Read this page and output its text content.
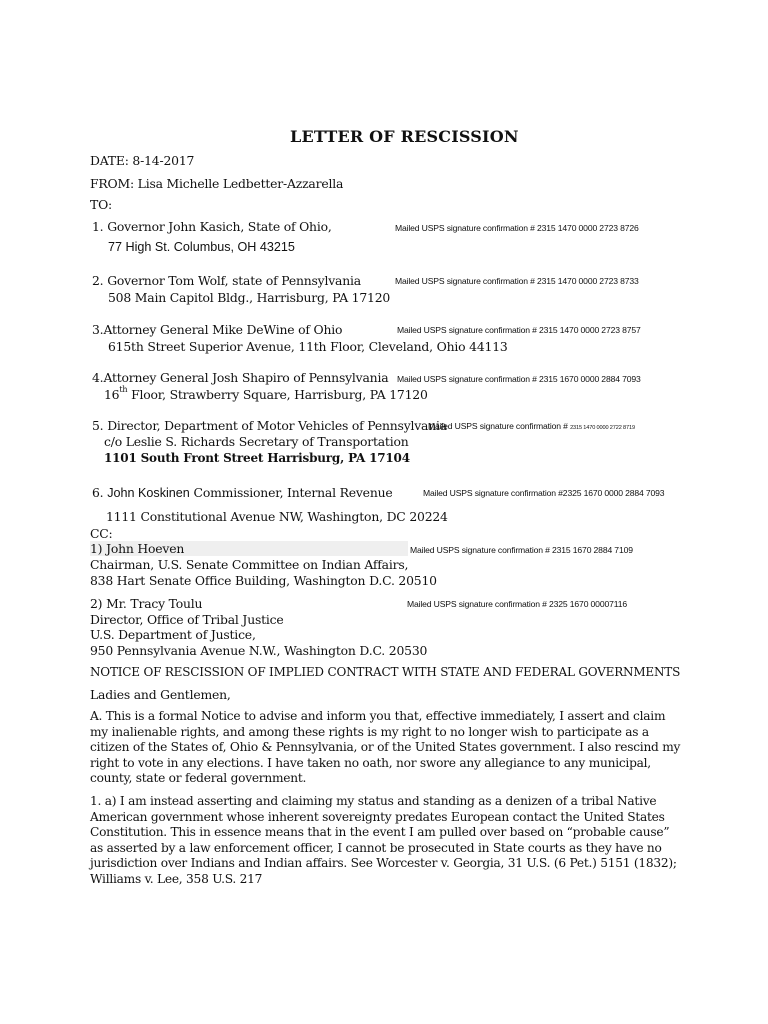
LETTER OF RESCISSION
DATE: 8-14-2017
FROM: Lisa Michelle Ledbetter-Azzarella
TO:
1. Governor John Kasich, State of Ohio,	Mailed USPS signature confirmation # 2315 1470 0000 2723 8726
77 High St. Columbus, OH 43215
2. Governor Tom Wolf, state of Pennsylvania	Mailed USPS signature confirmation # 2315 1470 0000 2723 8733
508 Main Capitol Bldg., Harrisburg, PA 17120
3.Attorney General Mike DeWine of Ohio	Mailed USPS signature confirmation # 2315 1470 0000 2723 8757
615th Street Superior Avenue, 11th Floor, Cleveland, Ohio 44113
4.Attorney General Josh Shapiro of Pennsylvania Mailed USPS signature confirmation # 2315 1670 0000 2884 7093
16th Floor, Strawberry Square, Harrisburg, PA 17120
5. Director, Department of Motor Vehicles of Pennsylvania
Mailed USPS signature confirmation # 2315 1470 0000 2722 8719
c/o Leslie S. Richards Secretary of Transportation
1101 South Front Street Harrisburg, PA 17104
6. John Koskinen Commissioner, Internal Revenue	Mailed USPS signature confirmation #2325 1670 0000 2884 7093
1111 Constitutional Avenue NW, Washington, DC 20224
CC:
1) John Hoeven	Mailed USPS signature confirmation # 2315 1670 2884 7109
Chairman, U.S. Senate Committee on Indian Affairs,
838 Hart Senate Office Building, Washington D.C. 20510
2) Mr. Tracy Toulu	Mailed USPS signature confirmation # 2325 1670 00007116
Director, Office of Tribal Justice
U.S. Department of Justice,
950 Pennsylvania Avenue N.W., Washington D.C. 20530
NOTICE OF RESCISSION OF IMPLIED CONTRACT WITH STATE AND FEDERAL GOVERNMENTS
Ladies and Gentlemen,
A. This is a formal Notice to advise and inform you that, effective immediately, I assert and claim my inalienable rights, and among these rights is my right to no longer wish to participate as a citizen of the States of, Ohio & Pennsylvania, or of the United States government. I also rescind my right to vote in any elections. I have taken no oath, nor swore any allegiance to any municipal, county, state or federal government.
1. a) I am instead asserting and claiming my status and standing as a denizen of a tribal Native American government whose inherent sovereignty predates European contact the United States Constitution. This in essence means that in the event I am pulled over based on “probable cause” as asserted by a law enforcement officer, I cannot be prosecuted in State courts as they have no jurisdiction over Indians and Indian affairs. See Worcester v. Georgia, 31 U.S. (6 Pet.) 5151 (1832); Williams v. Lee, 358 U.S. 217
